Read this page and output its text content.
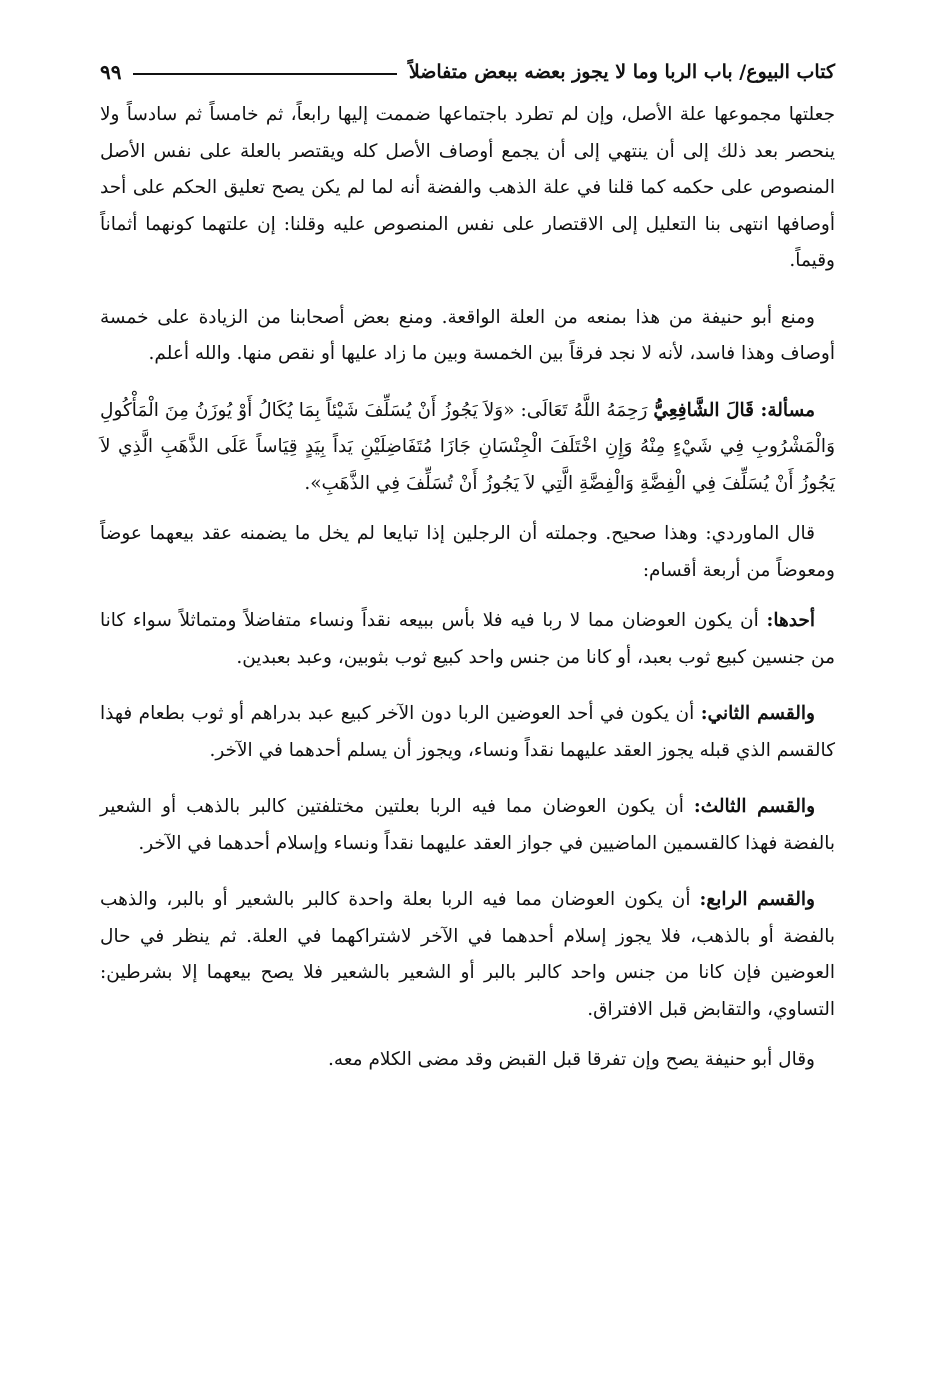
كتاب البيوع/ باب الربا وما لا يجوز بعضه ببعض متفاضلاً
٩٩

جعلتها مجموعها علة الأصل، وإن لم تطرد باجتماعها ضممت إليها رابعاً، ثم خامساً ثم سادساً ولا ينحصر بعد ذلك إلى أن ينتهي إلى أن يجمع أوصاف الأصل كله ويقتصر بالعلة على نفس الأصل المنصوص على حكمه كما قلنا في علة الذهب والفضة أنه لما لم يكن يصح تعليق الحكم على أحد أوصافها انتهى بنا التعليل إلى الاقتصار على نفس المنصوص عليه وقلنا: إن علتهما كونهما أثماناً وقيماً.

ومنع أبو حنيفة من هذا بمنعه من العلة الواقعة. ومنع بعض أصحابنا من الزيادة على خمسة أوصاف وهذا فاسد، لأنه لا نجد فرقاً بين الخمسة وبين ما زاد عليها أو نقص منها. والله أعلم.

مسألة: قَالَ الشَّافِعِيُّ رَحِمَهُ اللَّهُ تَعَالَى: «وَلاَ يَجُوزُ أَنْ يُسَلِّفَ شَيْئاً بِمَا يُكَالُ أَوْ يُوزَنُ مِنَ الْمَأْكُولِ وَالْمَشْرُوبِ فِي شَيْءٍ مِنْهُ وَإِنِ اخْتَلَفَ الْجِنْسَانِ جَازَا مُتَفَاضِلَيْنِ يَداً بِيَدٍ قِيَاساً عَلَى الذَّهَبِ الَّذِي لاَ يَجُوزُ أَنْ يُسَلِّفَ فِي الْفِضَّةِ وَالْفِضَّةِ الَّتِي لاَ يَجُوزُ أَنْ تُسَلِّفَ فِي الذَّهَبِ».

قال الماوردي: وهذا صحيح. وجملته أن الرجلين إذا تبايعا لم يخل ما يضمنه عقد بيعهما عوضاً ومعوضاً من أربعة أقسام:

أحدها: أن يكون العوضان مما لا ربا فيه فلا بأس ببيعه نقداً ونساء متفاضلاً ومتماثلاً سواء كانا من جنسين كبيع ثوب بعبد، أو كانا من جنس واحد كبيع ثوب بثوبين، وعبد بعبدين.

والقسم الثاني: أن يكون في أحد العوضين الربا دون الآخر كبيع عبد بدراهم أو ثوب بطعام فهذا كالقسم الذي قبله يجوز العقد عليهما نقداً ونساء، ويجوز أن يسلم أحدهما في الآخر.

والقسم الثالث: أن يكون العوضان مما فيه الربا بعلتين مختلفتين كالبر بالذهب أو الشعير بالفضة فهذا كالقسمين الماضيين في جواز العقد عليهما نقداً ونساء وإسلام أحدهما في الآخر.

والقسم الرابع: أن يكون العوضان مما فيه الربا بعلة واحدة كالبر بالشعير أو بالبر، والذهب بالفضة أو بالذهب، فلا يجوز إسلام أحدهما في الآخر لاشتراكهما في العلة. ثم ينظر في حال العوضين فإن كانا من جنس واحد كالبر بالبر أو الشعير بالشعير فلا يصح بيعهما إلا بشرطين: التساوي، والتقابض قبل الافتراق.

وقال أبو حنيفة يصح وإن تفرقا قبل القبض وقد مضى الكلام معه.
